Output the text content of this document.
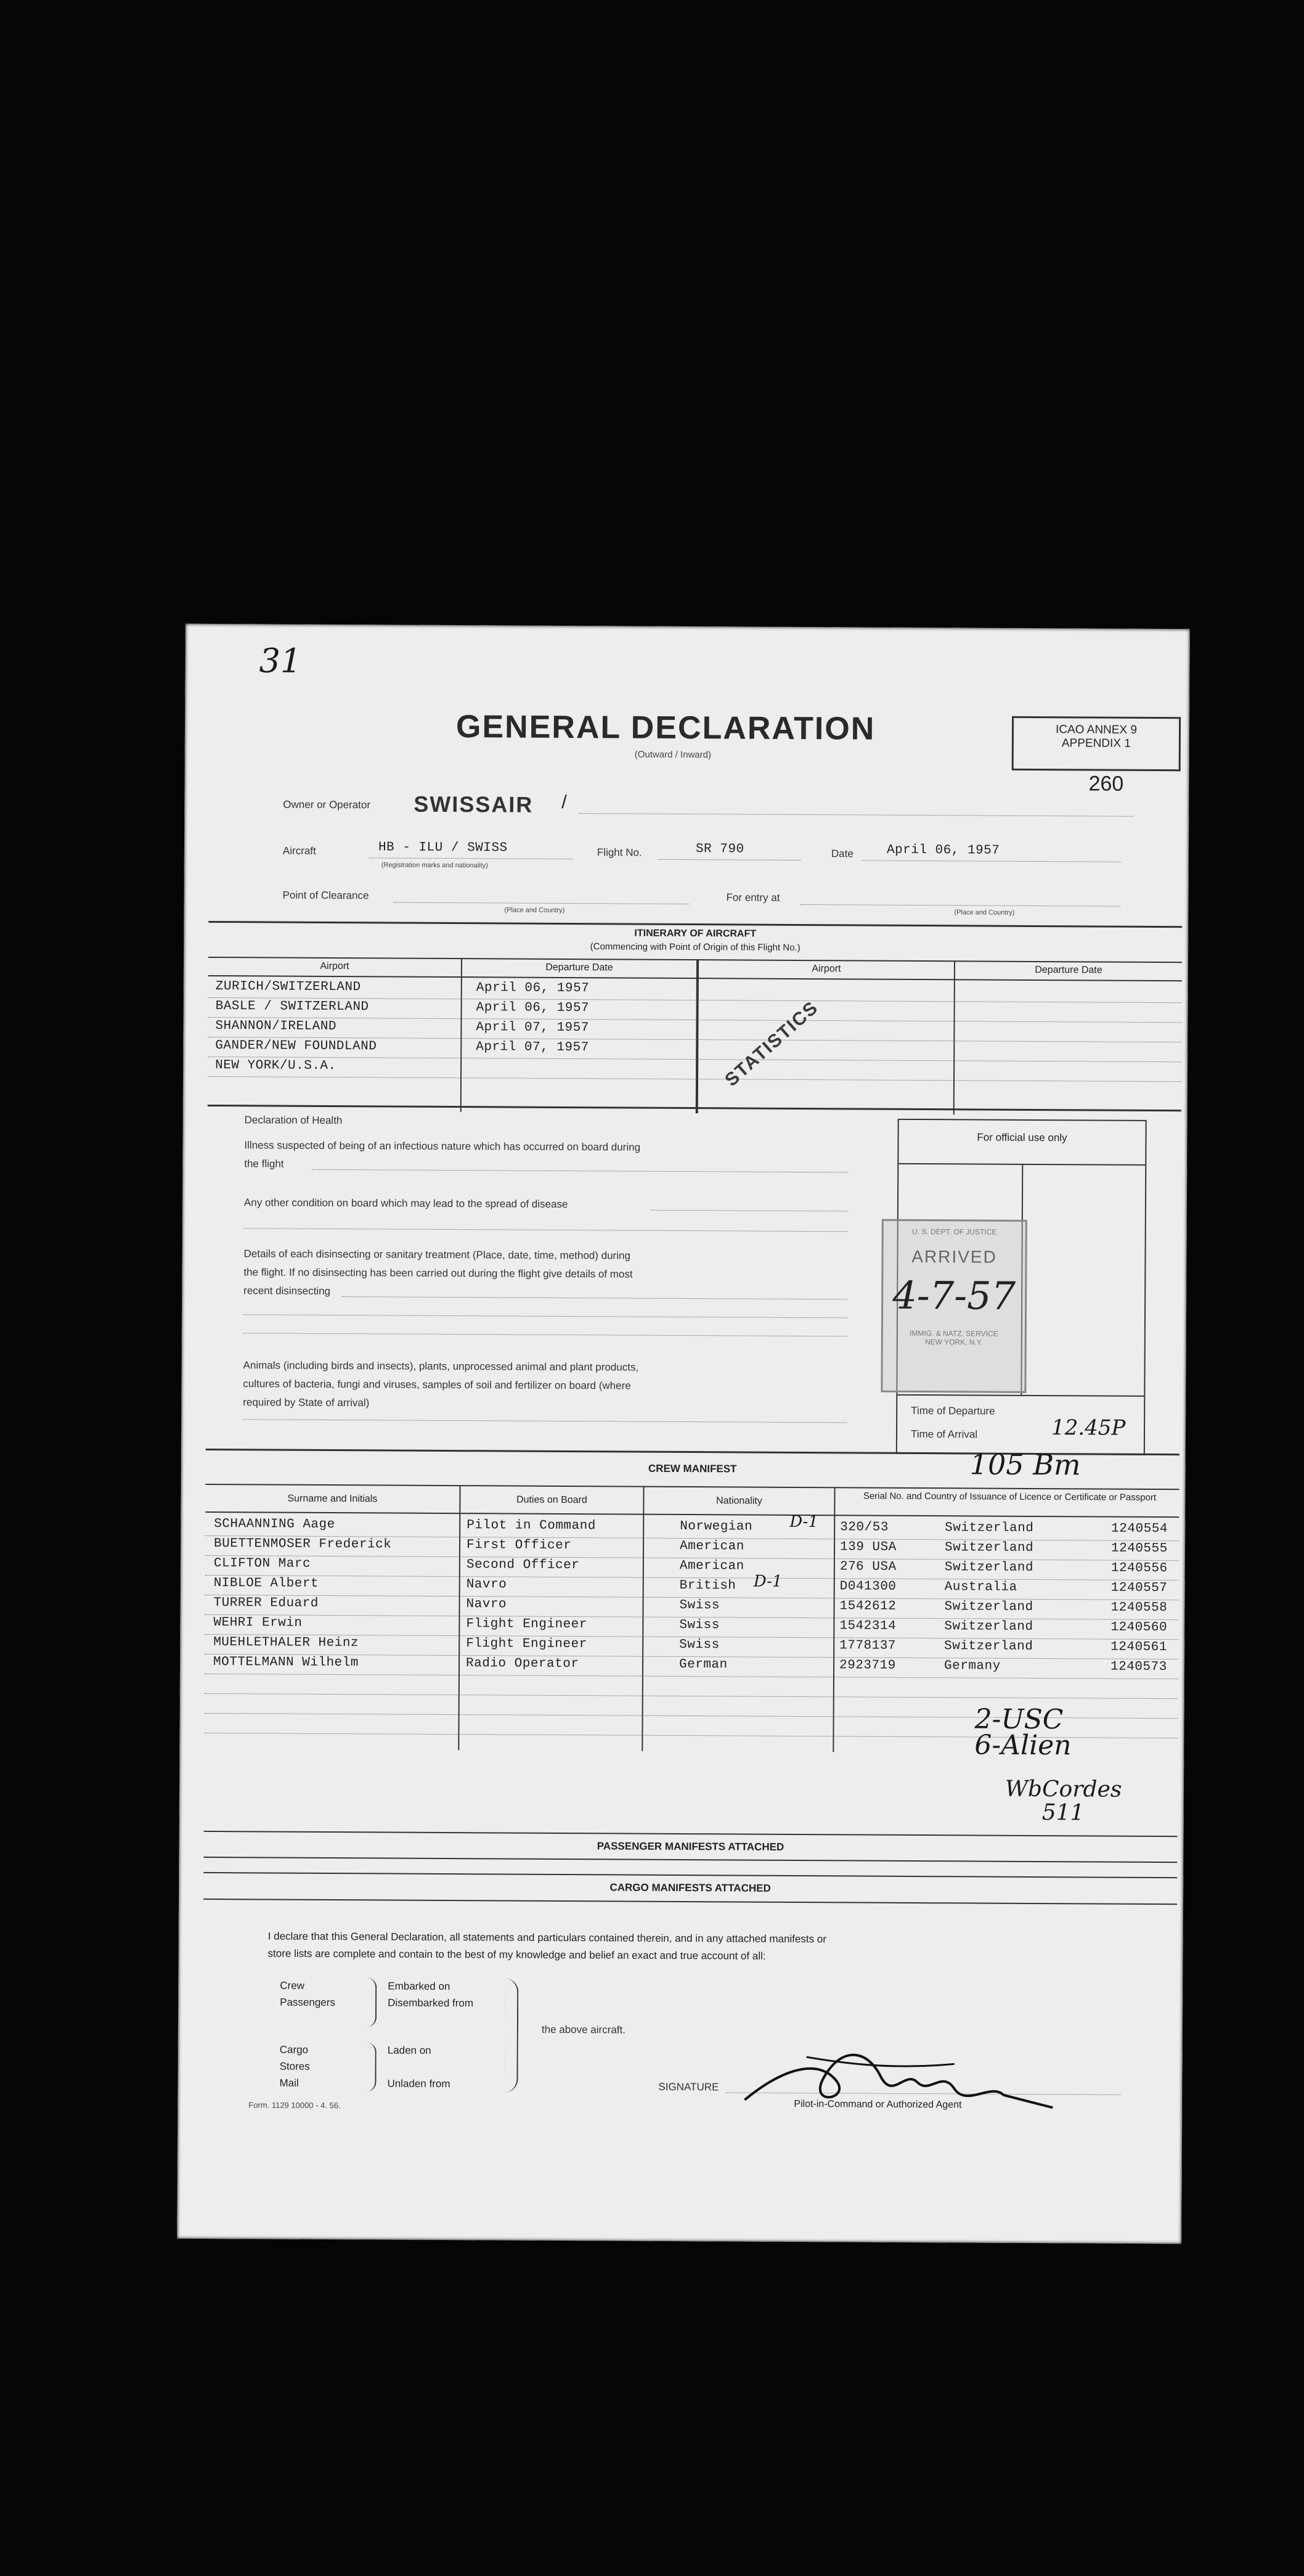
31
GENERAL DECLARATION
(Outward / Inward)
ICAO ANNEX 9
APPENDIX 1
260
Owner or Operator SWISSAIR /
Aircraft	HB - ILU / SWISS
(Registration marks and nationality)
Flight No.	SR 790	Date	April 06, 1957
Point of Clearance
(Place and Country)
For entry at
(Place and Country)
ITINERARY OF AIRCRAFT
(Commencing with Point of Origin of this Flight No.)
Airport	Departure Date	Airport	Departure Date
ZURICH/SWITZERLAND	April 06, 1957
BASLE / SWITZERLAND	April 06, 1957
SHANNON/IRELAND	April 07, 1957
GANDER/NEW FOUNDLAND	April 07, 1957
NEW YORK/U.S.A.	STATISTICS
Declaration of Health
Illness suspected of being of an infectious nature which has occurred on board during
the flight
Any other condition on board which may lead to the spread of disease
Details of each disinsecting or sanitary treatment (Place, date, time, method) during
the flight. If no disinsecting has been carried out during the flight give details of most
recent disinsecting
Animals (including birds and insects), plants, unprocessed animal and plant products,
cultures of bacteria, fungi and viruses, samples of soil and fertilizer on board (where
required by State of arrival)
For official use only
Time of Departure
Time of Arrival	12.45P
U. S. DEPT. OF JUSTICE
ARRIVED
4-7-57
IMMIG. & NATZ. SERVICE
NEW YORK, N.Y.
CREW MANIFEST	105 Bm
Surname and Initials	Duties on Board	Nationality	Serial No. and Country of Issuance of Licence or Certificate or Passport
SCHAANNING Aage	Pilot in Command	Norwegian	320/53	Switzerland	1240554
BUETTENMOSER Frederick	First Officer	American	139 USA	Switzerland	1240555
CLIFTON Marc	Second Officer	American	276 USA	Switzerland	1240556
NIBLOE Albert	Navro	British	D041300	Australia	1240557
TURRER Eduard	Navro	Swiss	1542612	Switzerland	1240558
WEHRI Erwin	Flight Engineer	Swiss	1542314	Switzerland	1240560
MUEHLETHALER Heinz	Flight Engineer	Swiss	1778137	Switzerland	1240561
MOTTELMANN Wilhelm	Radio Operator	German	2923719	Germany	1240573
D-1
D-1
2-USC
6-Alien
WbCordes
511
PASSENGER MANIFESTS ATTACHED
CARGO MANIFESTS ATTACHED
I declare that this General Declaration, all statements and particulars contained therein, and in any attached manifests or
store lists are complete and contain to the best of my knowledge and belief an exact and true account of all:
Crew
Passengers
Cargo
Stores
Mail
Embarked on
Disembarked from
Laden on
Unladen from
the above aircraft.
SIGNATURE
Pilot-in-Command or Authorized Agent
Form. 1129 10000 - 4. 56.
